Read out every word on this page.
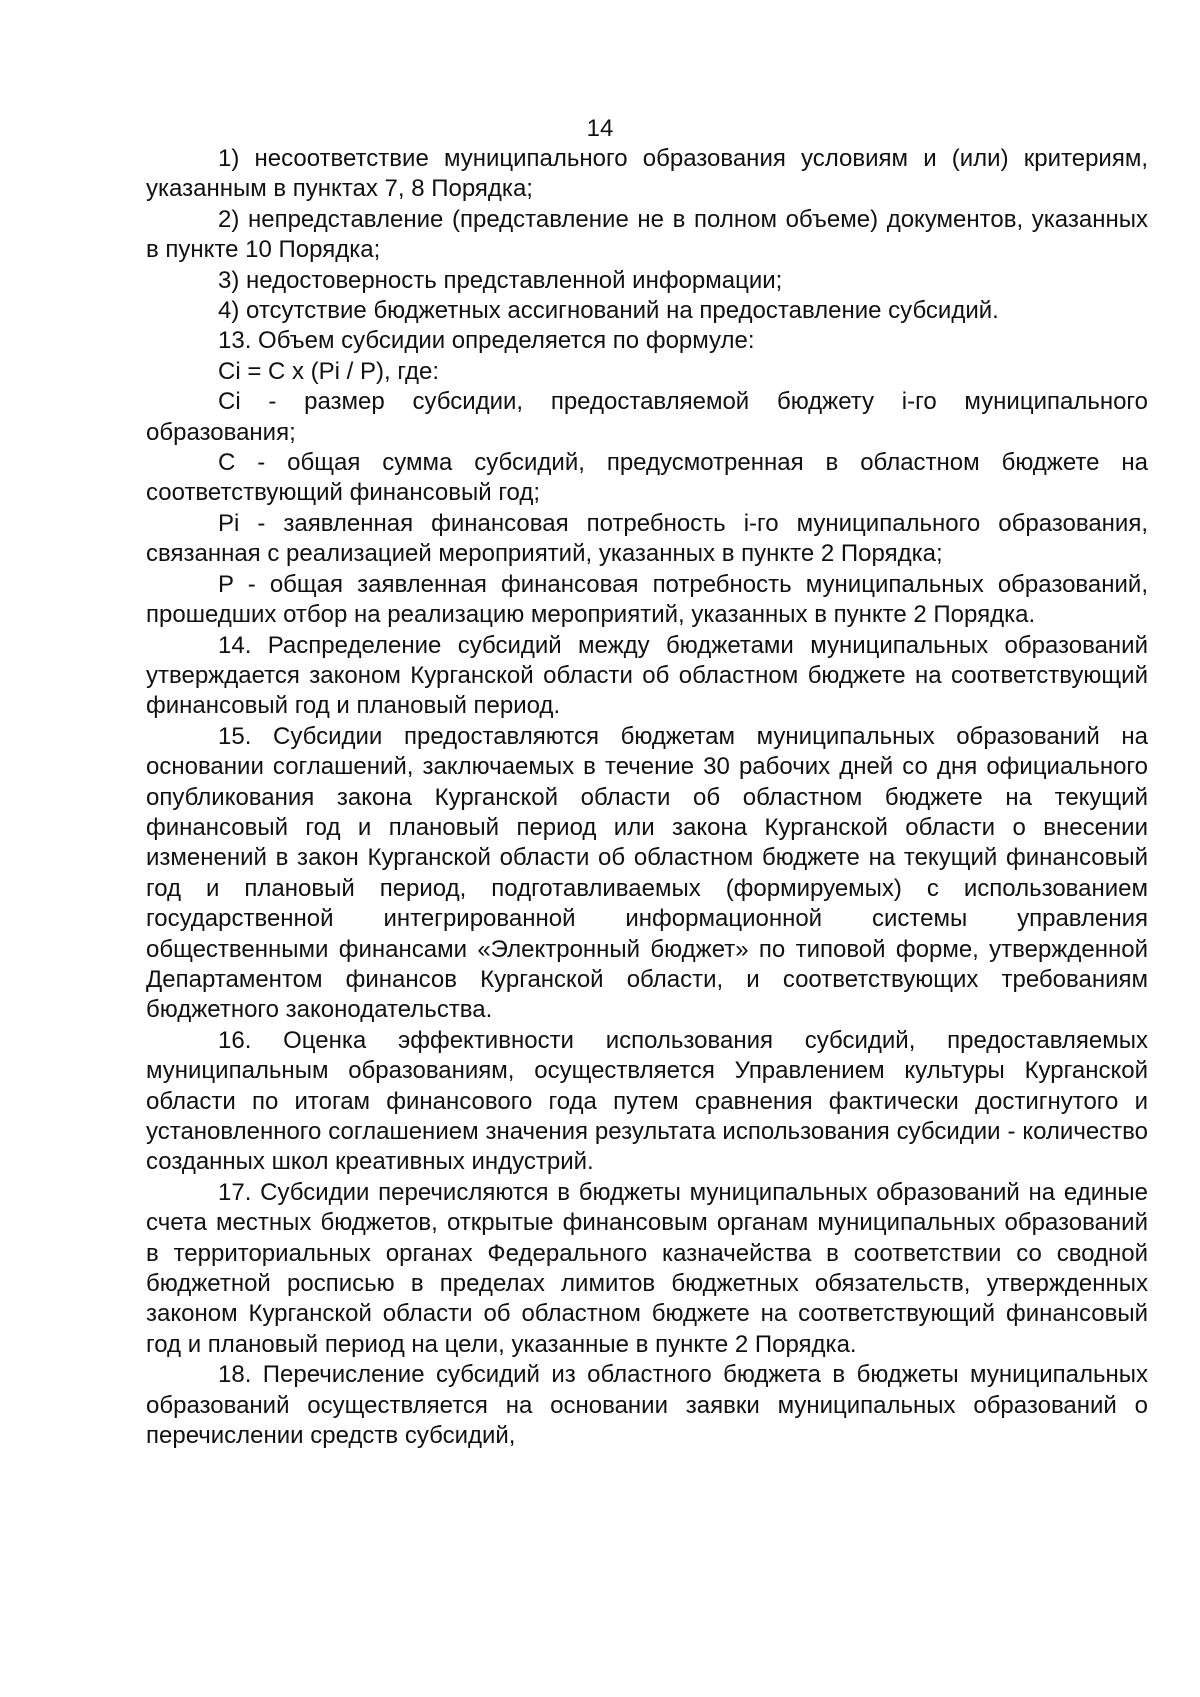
14

1) несоответствие муниципального образования условиям и (или) критериям, указанным в пунктах 7, 8 Порядка;

2) непредставление (представление не в полном объеме) документов, указанных в пункте 10 Порядка;

3) недостоверность представленной информации;

4) отсутствие бюджетных ассигнований на предоставление субсидий.

13. Объем субсидии определяется по формуле:

Ci = C x (Pi / P), где:

Ci - размер субсидии, предоставляемой бюджету i-го муниципального образования;

C - общая сумма субсидий, предусмотренная в областном бюджете на соответствующий финансовый год;

Pi - заявленная финансовая потребность i-го муниципального образования, связанная с реализацией мероприятий, указанных в пункте 2 Порядка;

P - общая заявленная финансовая потребность муниципальных образований, прошедших отбор на реализацию мероприятий, указанных в пункте 2 Порядка.

14. Распределение субсидий между бюджетами муниципальных образований утверждается законом Курганской области об областном бюджете на соответствующий финансовый год и плановый период.

15. Субсидии предоставляются бюджетам муниципальных образований на основании соглашений, заключаемых в течение 30 рабочих дней со дня официального опубликования закона Курганской области об областном бюджете на текущий финансовый год и плановый период или закона Курганской области о внесении изменений в закон Курганской области об областном бюджете на текущий финансовый год и плановый период, подготавливаемых (формируемых) с использованием государственной интегрированной информационной системы управления общественными финансами «Электронный бюджет» по типовой форме, утвержденной Департаментом финансов Курганской области, и соответствующих требованиям бюджетного законодательства.

16. Оценка эффективности использования субсидий, предоставляемых муниципальным образованиям, осуществляется Управлением культуры Курганской области по итогам финансового года путем сравнения фактически достигнутого и установленного соглашением значения результата использования субсидии - количество созданных школ креативных индустрий.

17. Субсидии перечисляются в бюджеты муниципальных образований на единые счета местных бюджетов, открытые финансовым органам муниципальных образований в территориальных органах Федерального казначейства в соответствии со сводной бюджетной росписью в пределах лимитов бюджетных обязательств, утвержденных законом Курганской области об областном бюджете на соответствующий финансовый год и плановый период на цели, указанные в пункте 2 Порядка.

18. Перечисление субсидий из областного бюджета в бюджеты муниципальных образований осуществляется на основании заявки муниципальных образований о перечислении средств субсидий,
